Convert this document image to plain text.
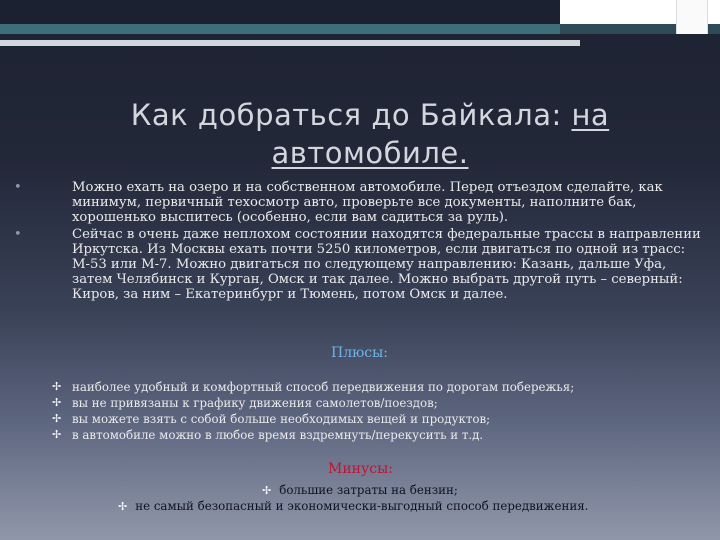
Как добраться до Байкала: на
автомобиле.

•	Можно ехать на озеро и на собственном автомобиле. Перед отъездом сделайте, как минимум, первичный техосмотр авто, проверьте все документы, наполните бак, хорошенько выспитесь (особенно, если вам садиться за руль).

•	Сейчас в очень даже неплохом состоянии находятся федеральные трассы в направлении Иркутска. Из Москвы ехать почти 5250 километров, если двигаться по одной из трасс: М-53 или М-7. Можно двигаться по следующему направлению: Казань, дальше Уфа, затем Челябинск и Курган, Омск и так далее. Можно выбрать другой путь – северный: Киров, за ним – Екатеринбург и Тюмень, потом Омск и далее.

Плюсы:
✢ наиболее удобный и комфортный способ передвижения по дорогам побережья;
✢ вы не привязаны к графику движения самолетов/поездов;
✢ вы можете взять с собой больше необходимых вещей и продуктов;
✢ в автомобиле можно в любое время вздремнуть/перекусить и т.д.
Минусы:
✢ большие затраты на бензин;
✢ не самый безопасный и экономически-выгодный способ передвижения.
